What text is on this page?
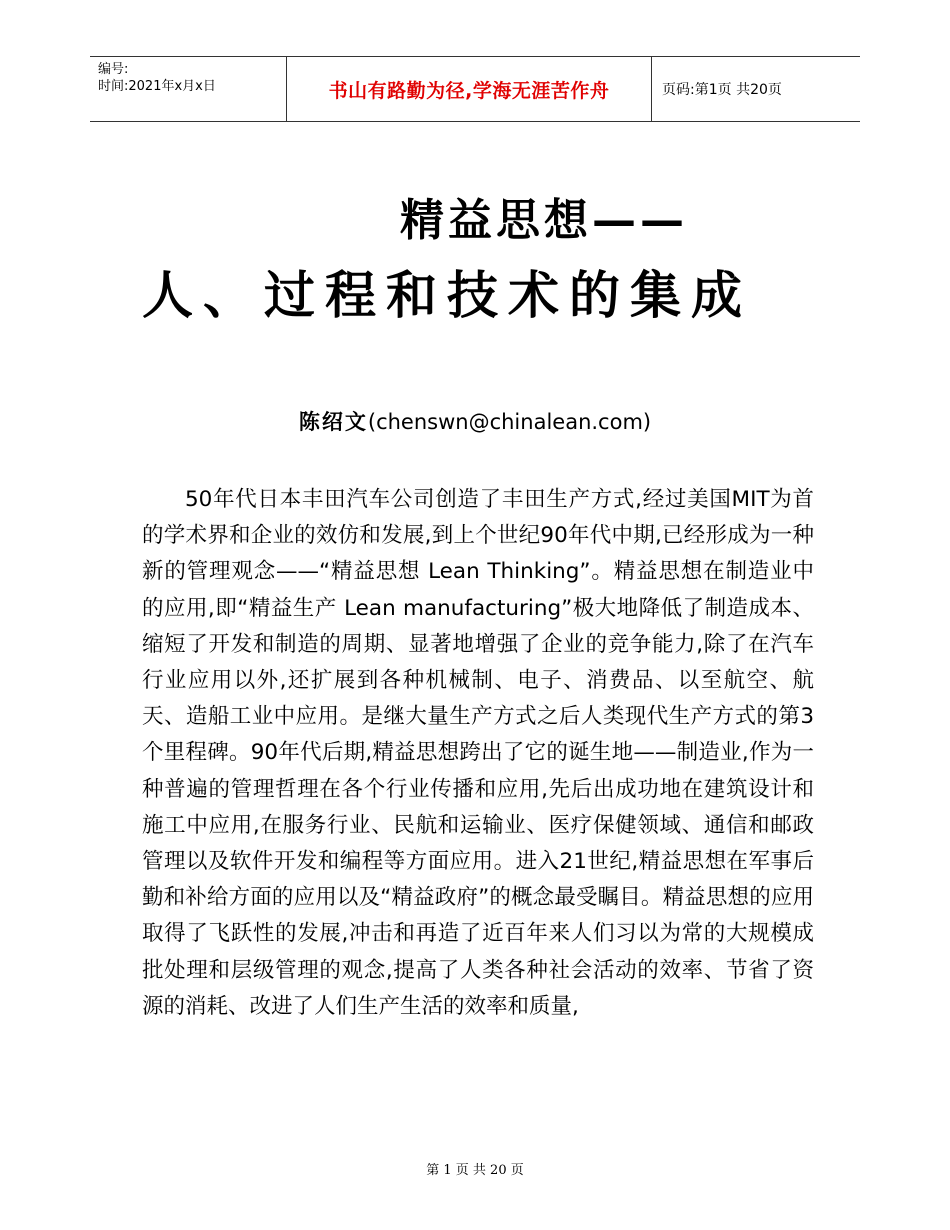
编号:
时间:2021年x月x日	书山有路勤为径,学海无涯苦作舟	页码:第1页 共20页
精益思想——
人、过程和技术的集成
陈绍文(chenswn@chinalean.com)

50年代日本丰田汽车公司创造了丰田生产方式,经过美国MIT为首的学术界和企业的效仿和发展,到上个世纪90年代中期,已经形成为一种新的管理观念——“精益思想 Lean Thinking”。精益思想在制造业中的应用,即“精益生产 Lean manufacturing”极大地降低了制造成本、缩短了开发和制造的周期、显著地增强了企业的竞争能力,除了在汽车行业应用以外,还扩展到各种机械制、电子、消费品、以至航空、航天、造船工业中应用。是继大量生产方式之后人类现代生产方式的第3个里程碑。90年代后期,精益思想跨出了它的诞生地——制造业,作为一种普遍的管理哲理在各个行业传播和应用,先后出成功地在建筑设计和施工中应用,在服务行业、民航和运输业、医疗保健领域、通信和邮政管理以及软件开发和编程等方面应用。进入21世纪,精益思想在军事后勤和补给方面的应用以及“精益政府”的概念最受瞩目。精益思想的应用取得了飞跃性的发展,冲击和再造了近百年来人们习以为常的大规模成批处理和层级管理的观念,提高了人类各种社会活动的效率、节省了资源的消耗、改进了人们生产生活的效率和质量,

第 1 页 共 20 页
